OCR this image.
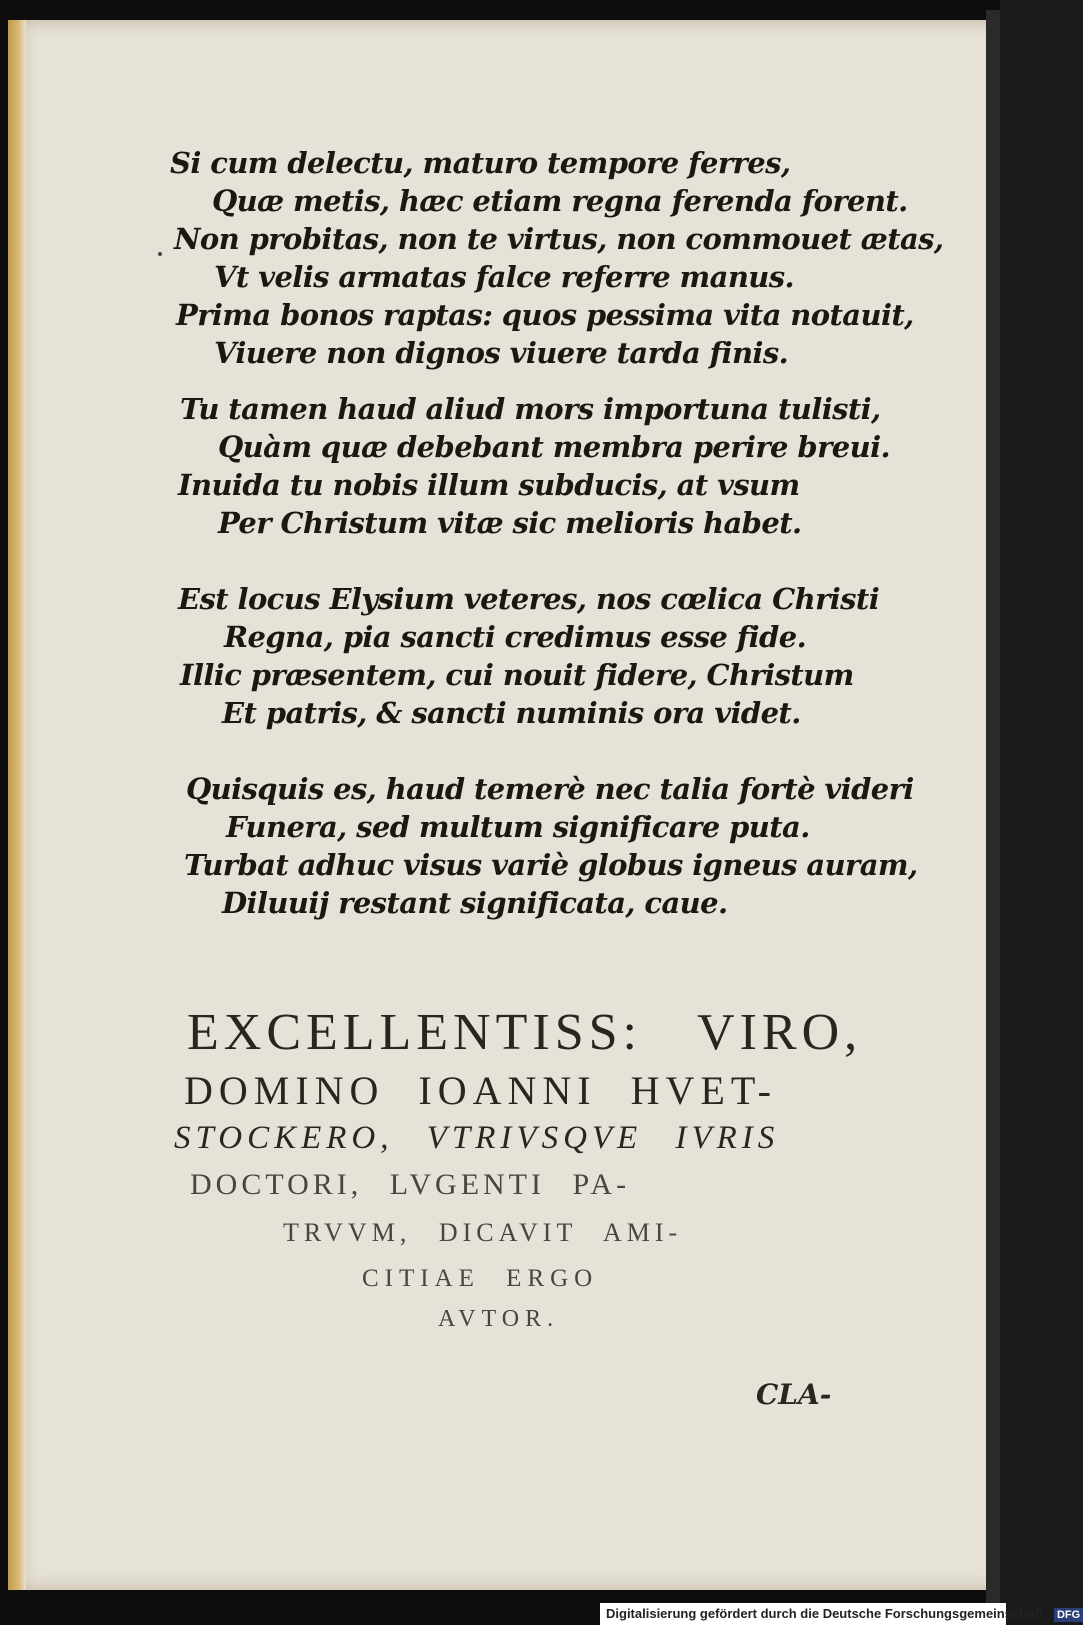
Si cum delectu, maturo tempore ferres,
Quæ metis, hæc etiam regna ferenda forent.
Non probitas, non te virtus, non commouet ætas,
Vt velis armatas falce referre manus.
Prima bonos raptas: quos pessima vita notauit,
Viuere non dignos viuere tarda finis.
Tu tamen haud aliud mors importuna tulisti,
Quàm quæ debebant membra perire breui.
Inuida tu nobis illum subducis, at vsum
Per Christum vitæ sic melioris habet.
Est locus Elysium veteres, nos cœlica Christi
Regna, pia sancti credimus esse fide.
Illic præsentem, cui nouit fidere, Christum
Et patris, & sancti numinis ora videt.
Quisquis es, haud temerè nec talia fortè videri
Funera, sed multum significare puta.
Turbat adhuc visus variè globus igneus auram,
Diluuij restant significata, caue.
EXCELLENTISS: VIRO,
DOMINO IOANNI HVET-
STOCKERO, VTRIVSQVE IVRIS
DOCTORI, LVGENTI PA-
TRVVM, DICAVIT AMI-
CITIAE ERGO
AVTOR.
CLA-
Digitalisierung gefördert durch die Deutsche Forschungsgemeinschaft - DFG
